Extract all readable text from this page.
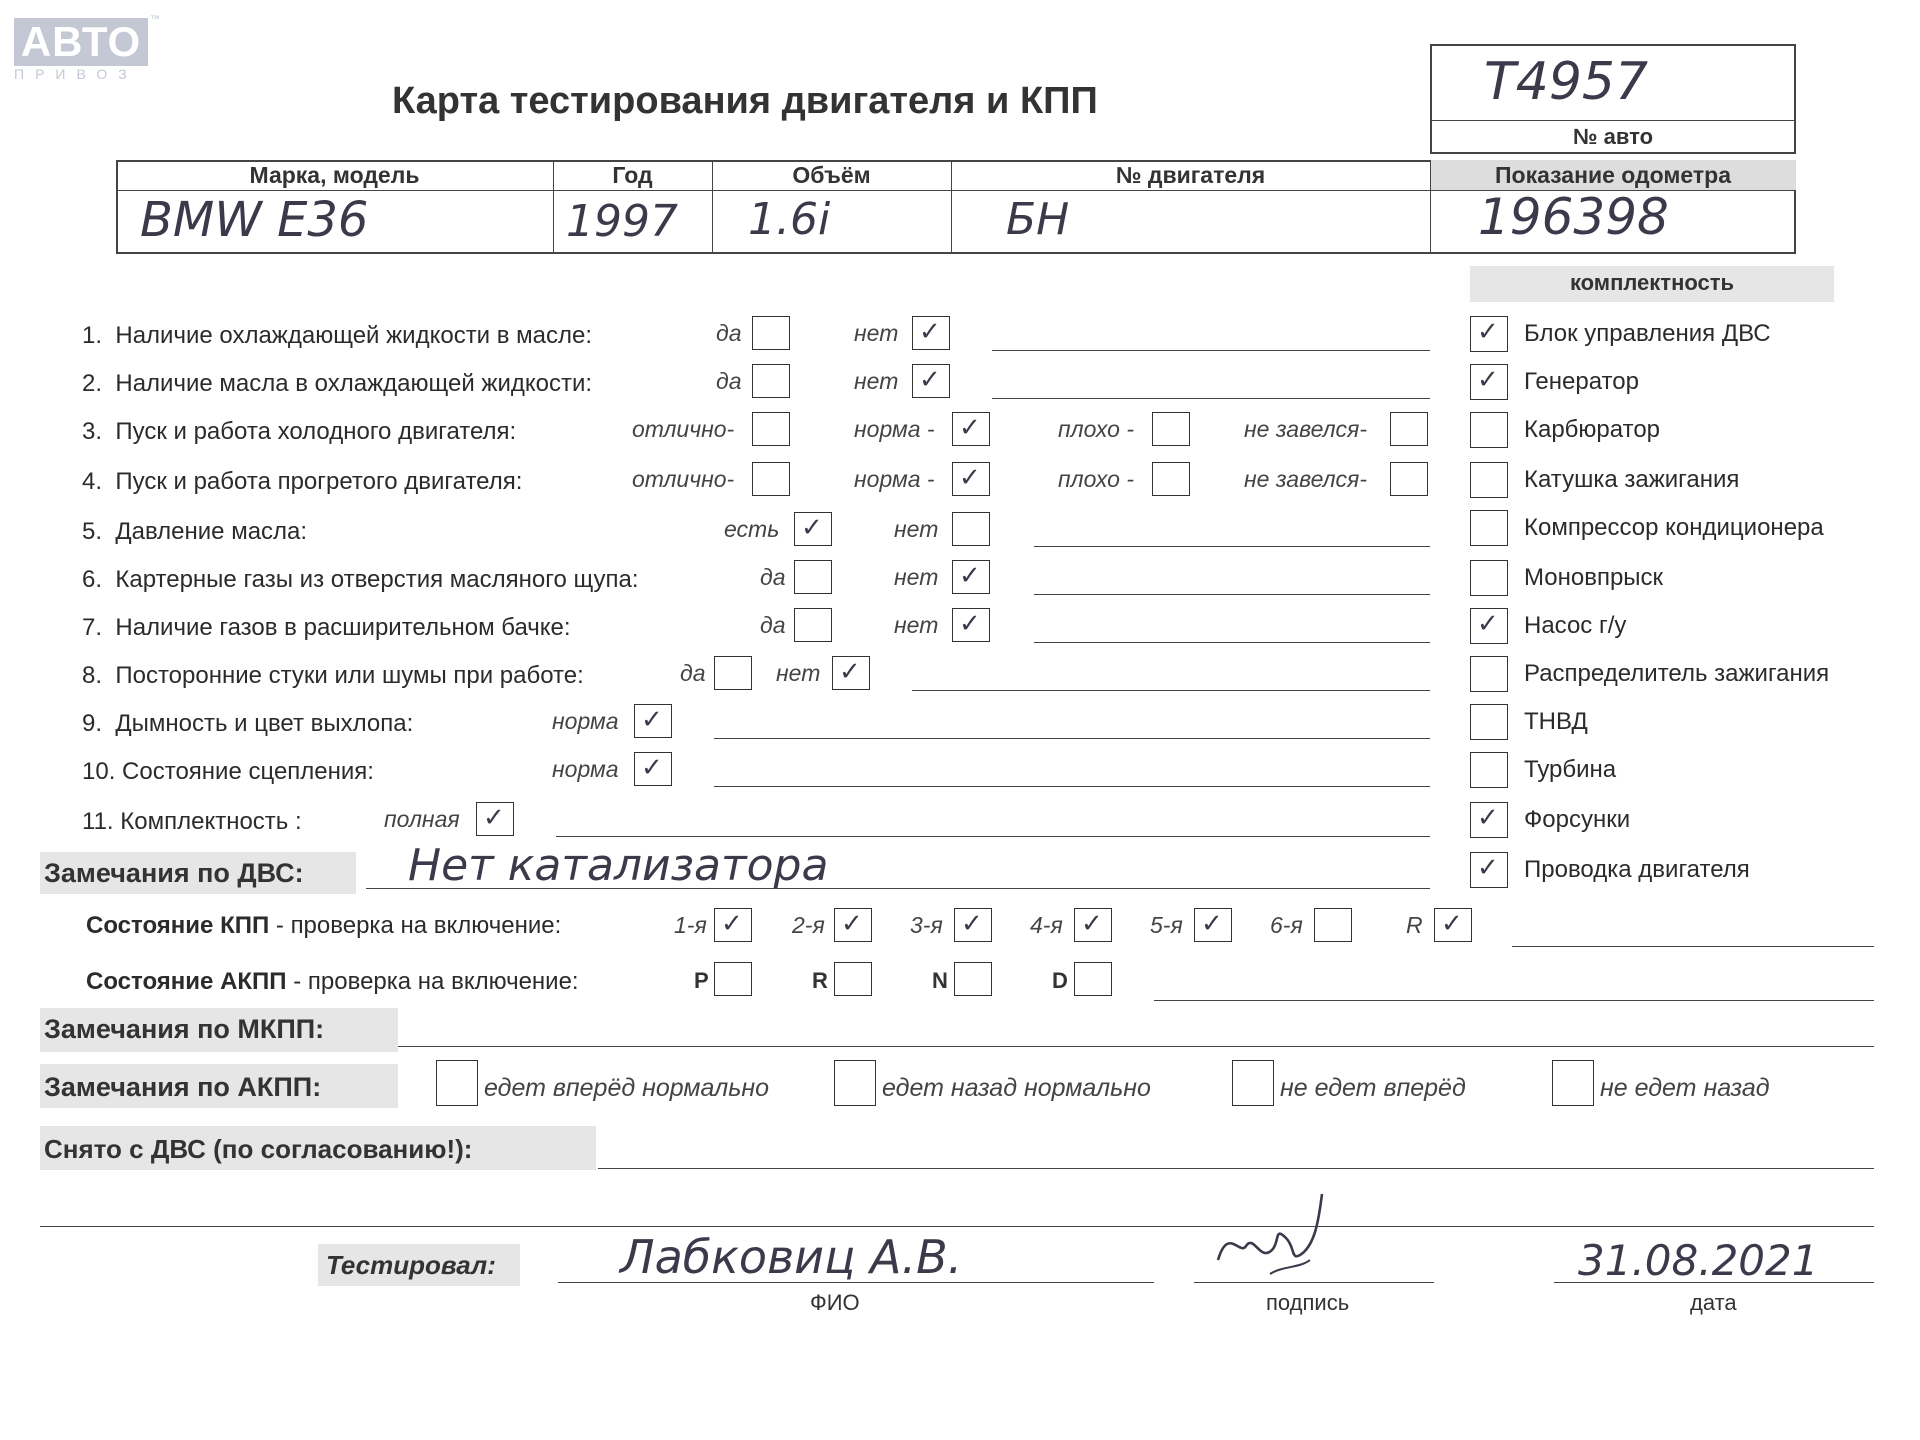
АВТО ™
ПРИВОЗ
Карта тестирования двигателя и КПП	Т4957
№ авто
Марка, модель	Год	Объём	№ двигателя	Показание одометра
BMW E36	1997 1.6i	БН	196398
комплектность
1. Наличие охлаждающей жидкости в масле:	да	нет ✓
2. Наличие масла в охлаждающей жидкости:	да	нет ✓
3. Пуск и работа холодного двигателя:	отлично-	норма - ✓	плохо -	не завелся-
4. Пуск и работа прогретого двигателя:	отлично-	норма - ✓	плохо -	не завелся-
5. Давление масла:	есть ✓	нет
6. Картерные газы из отверстия масляного щупа:	да	нет ✓
7. Наличие газов в расширительном бачке:	да	нет ✓
8. Посторонние стуки или шумы при работе:	да	нет ✓
9. Дымность и цвет выхлопа:	норма ✓
10. Состояние сцепления:	норма ✓
11. Комплектность :	полная ✓
✓ Блок управления ДВС
✓ Генератор
Карбюратор
Катушка зажигания
Компрессор кондиционера
Моновпрыск
✓ Насос г/у
Распределитель зажигания
ТНВД
Турбина
✓ Форсунки
✓ Проводка двигателя
Замечания по ДВС: Нет катализатора
Состояние КПП - проверка на включение:	1-я ✓ 2-я ✓ 3-я ✓ 4-я ✓ 5-я ✓ 6-я	R ✓
Состояние АКПП - проверка на включение:	P	R	N	D
Замечания по МКПП:
Замечания по АКПП:	едет вперёд нормально	едет назад нормально	не едет вперёд	не едет назад
Снято с ДВС (по согласованию!):
Тестировал:	Лабковиц А.В.
ФИО	подпись
31.08.2021
дата
